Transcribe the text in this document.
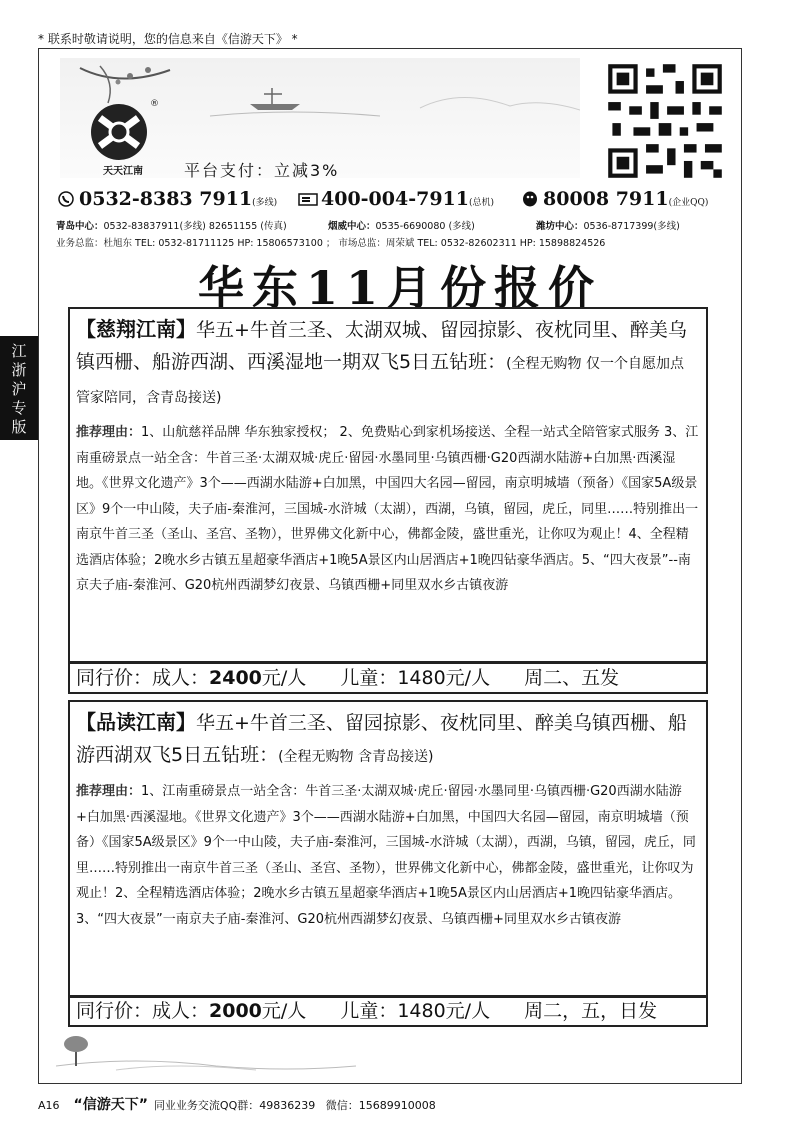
* 联系时敬请说明，您的信息来自《信游天下》 *
江
浙
沪
专
版
®
天天江南	平台支付：立减3%
0532-8383 7911(多线)	400-004-7911(总机)	80008 7911(企业QQ)
青岛中心：0532-83837911(多线) 82651155 (传真)	烟威中心：0535-6690080 (多线)	潍坊中心：0536-8717399(多线)
业务总监：杜旭东 TEL: 0532-81711125 HP: 15806573100 ； 市场总监：周荣斌 TEL: 0532-82602311 HP: 15898824526
华东11月份报价
【慈翔江南】华五+牛首三圣、太湖双城、留园掠影、夜枕同里、醉美乌镇西栅、船游西湖、西溪湿地一期双飞5日五钻班：(全程无购物 仅一个自愿加点 管家陪同，含青岛接送)
推荐理由：1、山航慈祥品牌 华东独家授权； 2、免费贴心到家机场接送、全程一站式全陪管家式服务 3、江南重磅景点一站全含：牛首三圣·太湖双城·虎丘·留园·水墨同里·乌镇西栅·G20西湖水陆游+白加黑·西溪湿地。《世界文化遗产》3个——西湖水陆游+白加黑，中国四大名园—留园，南京明城墙（预备）《国家5A级景区》9个一中山陵，夫子庙-秦淮河，三国城-水浒城（太湖），西湖，乌镇，留园，虎丘，同里……特别推出一南京牛首三圣（圣山、圣宫、圣物），世界佛文化新中心，佛都金陵，盛世重光，让你叹为观止！4、全程精选酒店体验；2晚水乡古镇五星超豪华酒店+1晚5A景区内山居酒店+1晚四钻豪华酒店。5、“四大夜景”--南京夫子庙-秦淮河、G20杭州西湖梦幻夜景、乌镇西栅+同里双水乡古镇夜游
同行价：成人：2400元/人 儿童：1480元/人 周二、五发
【品读江南】华五+牛首三圣、留园掠影、夜枕同里、醉美乌镇西栅、船游西湖双飞5日五钻班：(全程无购物 含青岛接送)
推荐理由：1、江南重磅景点一站全含：牛首三圣·太湖双城·虎丘·留园·水墨同里·乌镇西栅·G20西湖水陆游+白加黑·西溪湿地。《世界文化遗产》3个——西湖水陆游+白加黑，中国四大名园—留园，南京明城墙（预备）《国家5A级景区》9个一中山陵，夫子庙-秦淮河，三国城-水浒城（太湖），西湖，乌镇，留园，虎丘，同里……特别推出一南京牛首三圣（圣山、圣宫、圣物），世界佛文化新中心，佛都金陵，盛世重光，让你叹为观止！2、全程精选酒店体验；2晚水乡古镇五星超豪华酒店+1晚5A景区内山居酒店+1晚四钻豪华酒店。3、“四大夜景”一南京夫子庙-秦淮河、G20杭州西湖梦幻夜景、乌镇西栅+同里双水乡古镇夜游
同行价：成人：2000元/人 儿童：1480元/人 周二，五，日发
A16 “信游天下” 同业业务交流QQ群：49836239 微信：15689910008
